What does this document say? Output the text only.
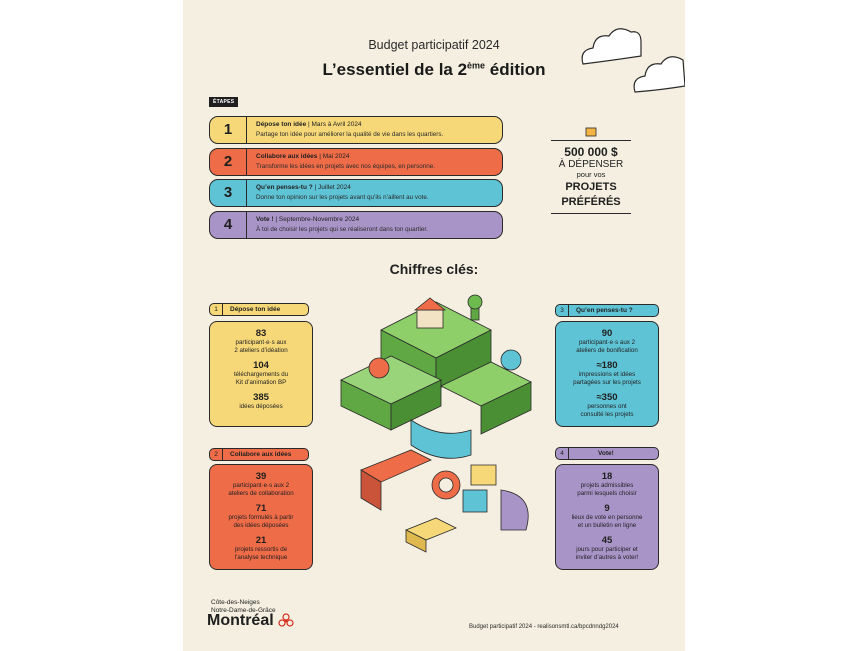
Budget participatif 2024
L’essentiel de la 2ème édition
ÉTAPES
1	Dépose ton idée | Mars à Avril 2024
Partage ton idée pour améliorer la qualité de vie dans les quartiers.
2	Collabore aux idées | Mai 2024
Transforme les idées en projets avec nos équipes, en personne.
3	Qu’en penses-tu ? | Juillet 2024
Donne ton opinion sur les projets avant qu’ils n’aillent au vote.
4	Vote ! | Septembre-Novembre 2024
À toi de choisir les projets qui se réaliseront dans ton quartier.
500 000 $
À DÉPENSER
pour vos
PROJETS
PRÉFÉRÉS
Chiffres clés:
1	Dépose ton idée
83
participant·e·s aux
2 ateliers d’idéation
104
téléchargements du
Kit d’animation BP
385
idées déposées
2	Collabore aux idées
39
participant·e·s aux 2
ateliers de collaboration
71
projets formulés à partir
des idées déposées
21
projets ressortis de
l’analyse technique
3	Qu’en penses-tu ?
90
participant·e·s aux 2
ateliers de bonification
≈180
impressions et idées
partagées sur les projets
≈350
personnes ont
consulté les projets
4	Vote!
18
projets admissibles
parmi lesquels choisir
9
lieux de vote en personne
et un bulletin en ligne
45
jours pour participer et
inviter d’autres à voter!
Côte-des-Neiges
Notre-Dame-de-Grâce
Montréal	Budget participatif 2024 - realisonsmtl.ca/bpcdnndg2024
